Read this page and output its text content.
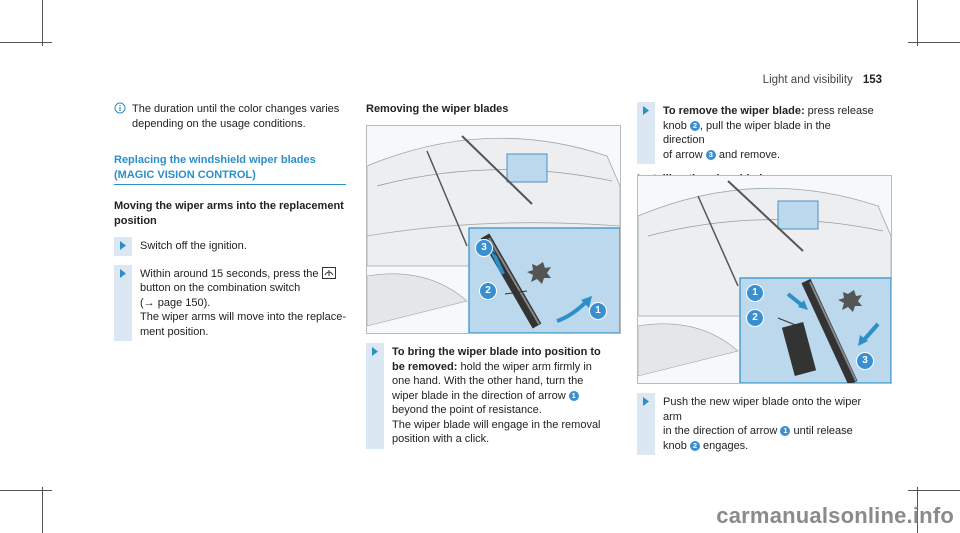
Light and visibility 153
The duration until the color changes varies depending on the usage conditions.
Replacing the windshield wiper blades
(MAGIC VISION CONTROL)
Moving the wiper arms into the replacement
position
Switch off the ignition.
Within around 15 seconds, press the
button on the combination switch
(→ page 150).
The wiper arms will move into the replace-
ment position.
Removing the wiper blades
3
2
1
To bring the wiper blade into position to
be removed: hold the wiper arm firmly in
one hand. With the other hand, turn the
wiper blade in the direction of arrow 1
beyond the point of resistance.
The wiper blade will engage in the removal
position with a click.
To remove the wiper blade: press release
knob 2 , pull the wiper blade in the direction
of arrow 3 and remove.
1
2
3
Push the new wiper blade onto the wiper arm
in the direction of arrow 1 until release
knob 2 engages.
carmanualsonline.info
